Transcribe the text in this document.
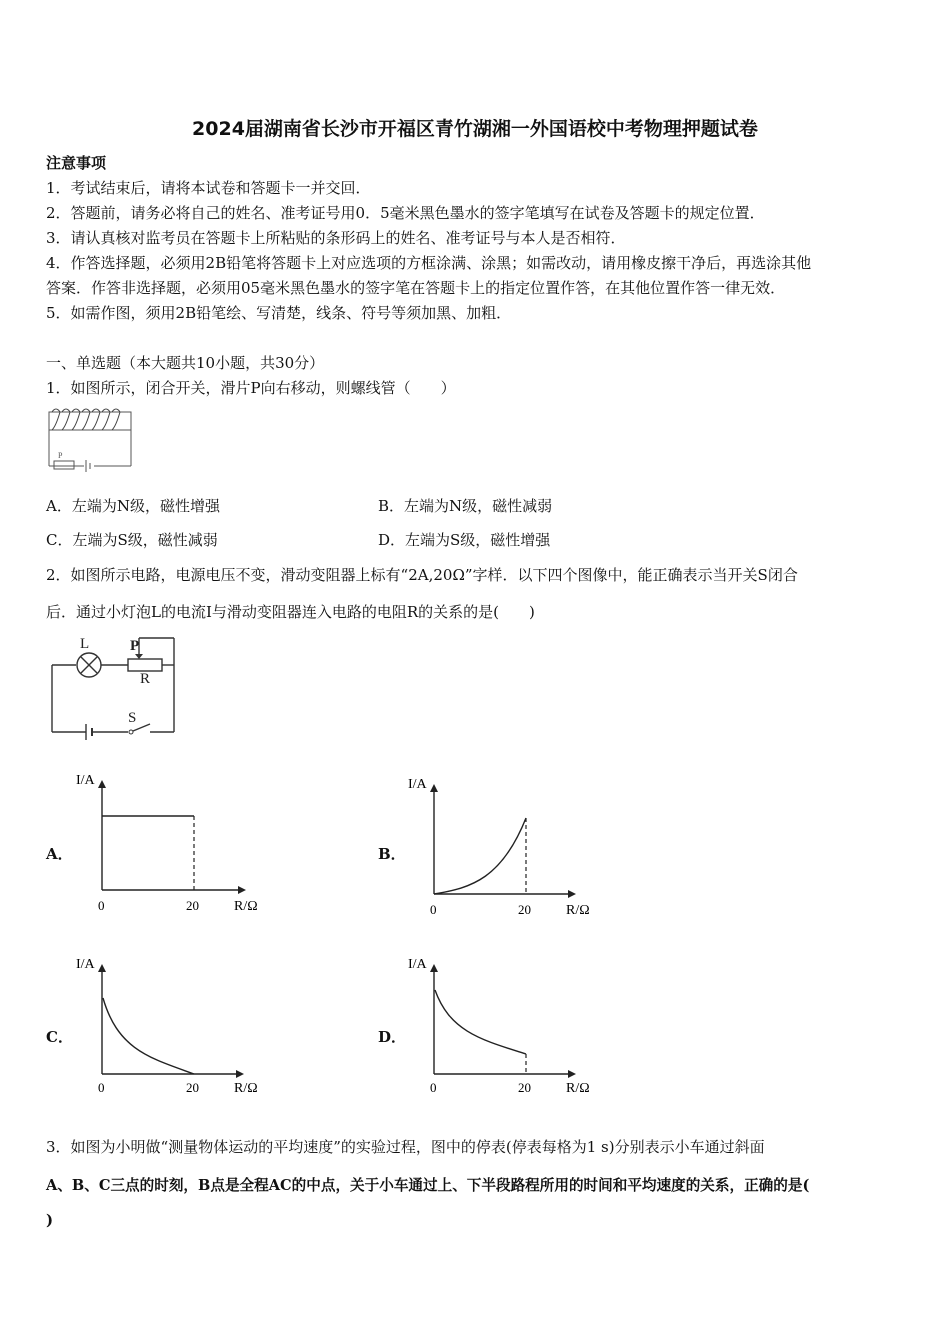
2024届湖南省长沙市开福区青竹湖湘一外国语校中考物理押题试卷
注意事项
1．考试结束后，请将本试卷和答题卡一并交回．
2．答题前，请务必将自己的姓名、准考证号用0．5毫米黑色墨水的签字笔填写在试卷及答题卡的规定位置．
3．请认真核对监考员在答题卡上所粘贴的条形码上的姓名、准考证号与本人是否相符．
4．作答选择题，必须用2B铅笔将答题卡上对应选项的方框涂满、涂黑；如需改动，请用橡皮擦干净后，再选涂其他
答案．作答非选择题，必须用05毫米黑色墨水的签字笔在答题卡上的指定位置作答，在其他位置作答一律无效．
5．如需作图，须用2B铅笔绘、写清楚，线条、符号等须加黑、加粗．
一、单选题（本大题共10小题，共30分）
1．如图所示，闭合开关，滑片P向右移动，则螺线管（　　）
P
A．左端为N级，磁性增强	B．左端为N级，磁性减弱
C．左端为S级，磁性减弱	D．左端为S级，磁性增强
2．如图所示电路，电源电压不变，滑动变阻器上标有“2A,20Ω”字样．以下四个图像中，能正确表示当开关S闭合
后．通过小灯泡L的电流I与滑动变阻器连入电路的电阻R的关系的是(　　)
L	P
R
S
A．
I/A
0	20	R/Ω
B．
I/A
0	20	R/Ω
C．
I/A
0	20	R/Ω
D．
I/A
0	20	R/Ω
3．如图为小明做“测量物体运动的平均速度”的实验过程，图中的停表(停表每格为1 s)分别表示小车通过斜面
A、B、C三点的时刻，B点是全程AC的中点，关于小车通过上、下半段路程所用的时间和平均速度的关系，正确的是(
)
